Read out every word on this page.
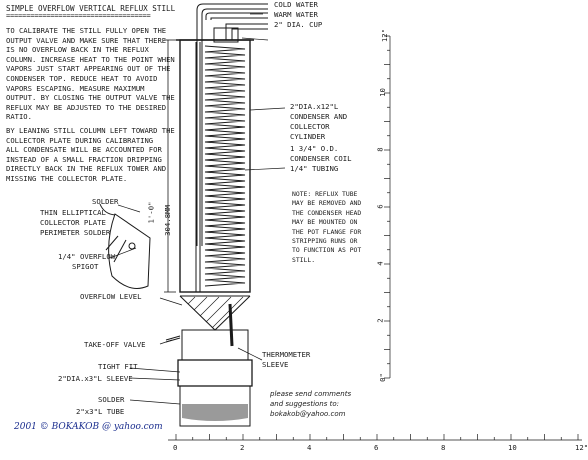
SIMPLE OVERFLOW VERTICAL REFLUX STILL
====================================
TO CALIBRATE THE STILL FULLY OPEN THE
OUTPUT VALVE AND MAKE SURE THAT THERE
IS NO OVERFLOW BACK IN THE REFLUX
COLUMN. INCREASE HEAT TO THE POINT WHEN
VAPORS JUST START APPEARING OUT OF THE
CONDENSER TOP. REDUCE HEAT TO AVOID
VAPORS ESCAPING. MEASURE MAXIMUM
OUTPUT. BY CLOSING THE OUTPUT VALVE THE
REFLUX MAY BE ADJUSTED TO THE DESIRED
RATIO.
BY LEANING STILL COLUMN LEFT TOWARD THE
COLLECTOR PLATE DURING CALIBRATING
ALL CONDENSATE WILL BE ACCOUNTED FOR
INSTEAD OF A SMALL FRACTION DRIPPING
DIRECTLY BACK IN THE REFLUX TOWER AND
MISSING THE COLLECTOR PLATE.
COLD WATER
WARM WATER
2" DIA. CUP
2"DIA.x12"L
CONDENSER AND
COLLECTOR
CYLINDER
1 3/4" O.D.
CONDENSER COIL
1/4" TUBING
1'-0" 304.8MM
SOLDER
THIN ELLIPTICAL
COLLECTOR PLATE
PERIMETER SOLDER
1/4" OVERFLOW
SPIGOT
OVERFLOW LEVEL
TAKE-OFF VALVE
TIGHT FIT
2"DIA.x3"L SLEEVE
SOLDER
2"x3"L TUBE
THERMOMETER
SLEEVE
NOTE: REFLUX TUBE
MAY BE REMOVED AND
THE CONDENSER HEAD
MAY BE MOUNTED ON
THE POT FLANGE FOR
STRIPPING RUNS OR
TO FUNCTION AS POT
STILL.
please send comments
and suggestions to:
bokakob@yahoo.com
2001 © BOKAKOB @ yahoo.com
0	2	4	6	8	10	12"
0"
2
4
6
8
10
12"
